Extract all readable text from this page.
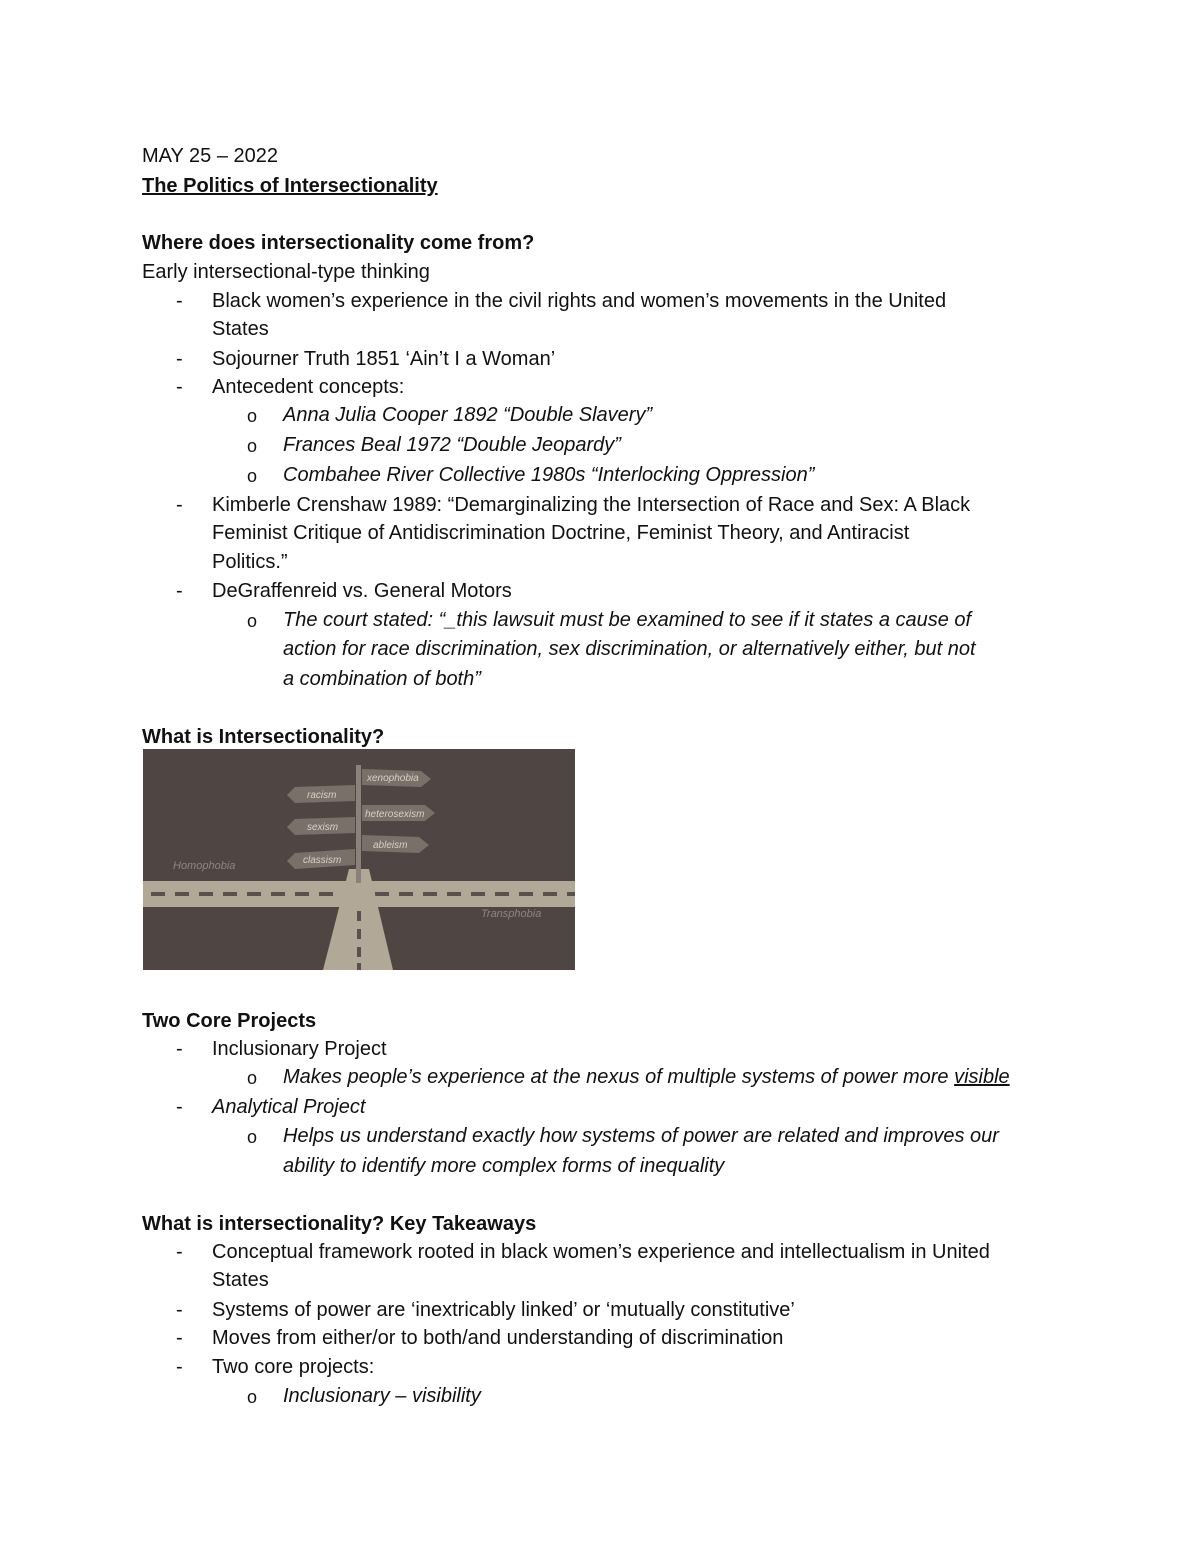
MAY 25 – 2022
The Politics of Intersectionality
Where does intersectionality come from?
Early intersectional-type thinking
- Black women’s experience in the civil rights and women’s movements in the United
States
- Sojourner Truth 1851 ‘Ain’t I a Woman’
- Antecedent concepts:
o Anna Julia Cooper 1892 “Double Slavery”
o Frances Beal 1972 “Double Jeopardy”
o Combahee River Collective 1980s “Interlocking Oppression”
- Kimberle Crenshaw 1989: “Demarginalizing the Intersection of Race and Sex: A Black
Feminist Critique of Antidiscrimination Doctrine, Feminist Theory, and Antiracist
Politics.”
- DeGraffenreid vs. General Motors
o The court stated: “_this lawsuit must be examined to see if it states a cause of
action for race discrimination, sex discrimination, or alternatively either, but not
a combination of both”
What is Intersectionality?
racism
sexism
classism
xenophobia
heterosexism
ableism
Homophobia
Transphobia
Two Core Projects
- Inclusionary Project
o Makes people’s experience at the nexus of multiple systems of power more visible
- Analytical Project
o Helps us understand exactly how systems of power are related and improves our
ability to identify more complex forms of inequality
What is intersectionality? Key Takeaways
- Conceptual framework rooted in black women’s experience and intellectualism in United
States
- Systems of power are ‘inextricably linked’ or ‘mutually constitutive’
- Moves from either/or to both/and understanding of discrimination
- Two core projects:
o Inclusionary – visibility
